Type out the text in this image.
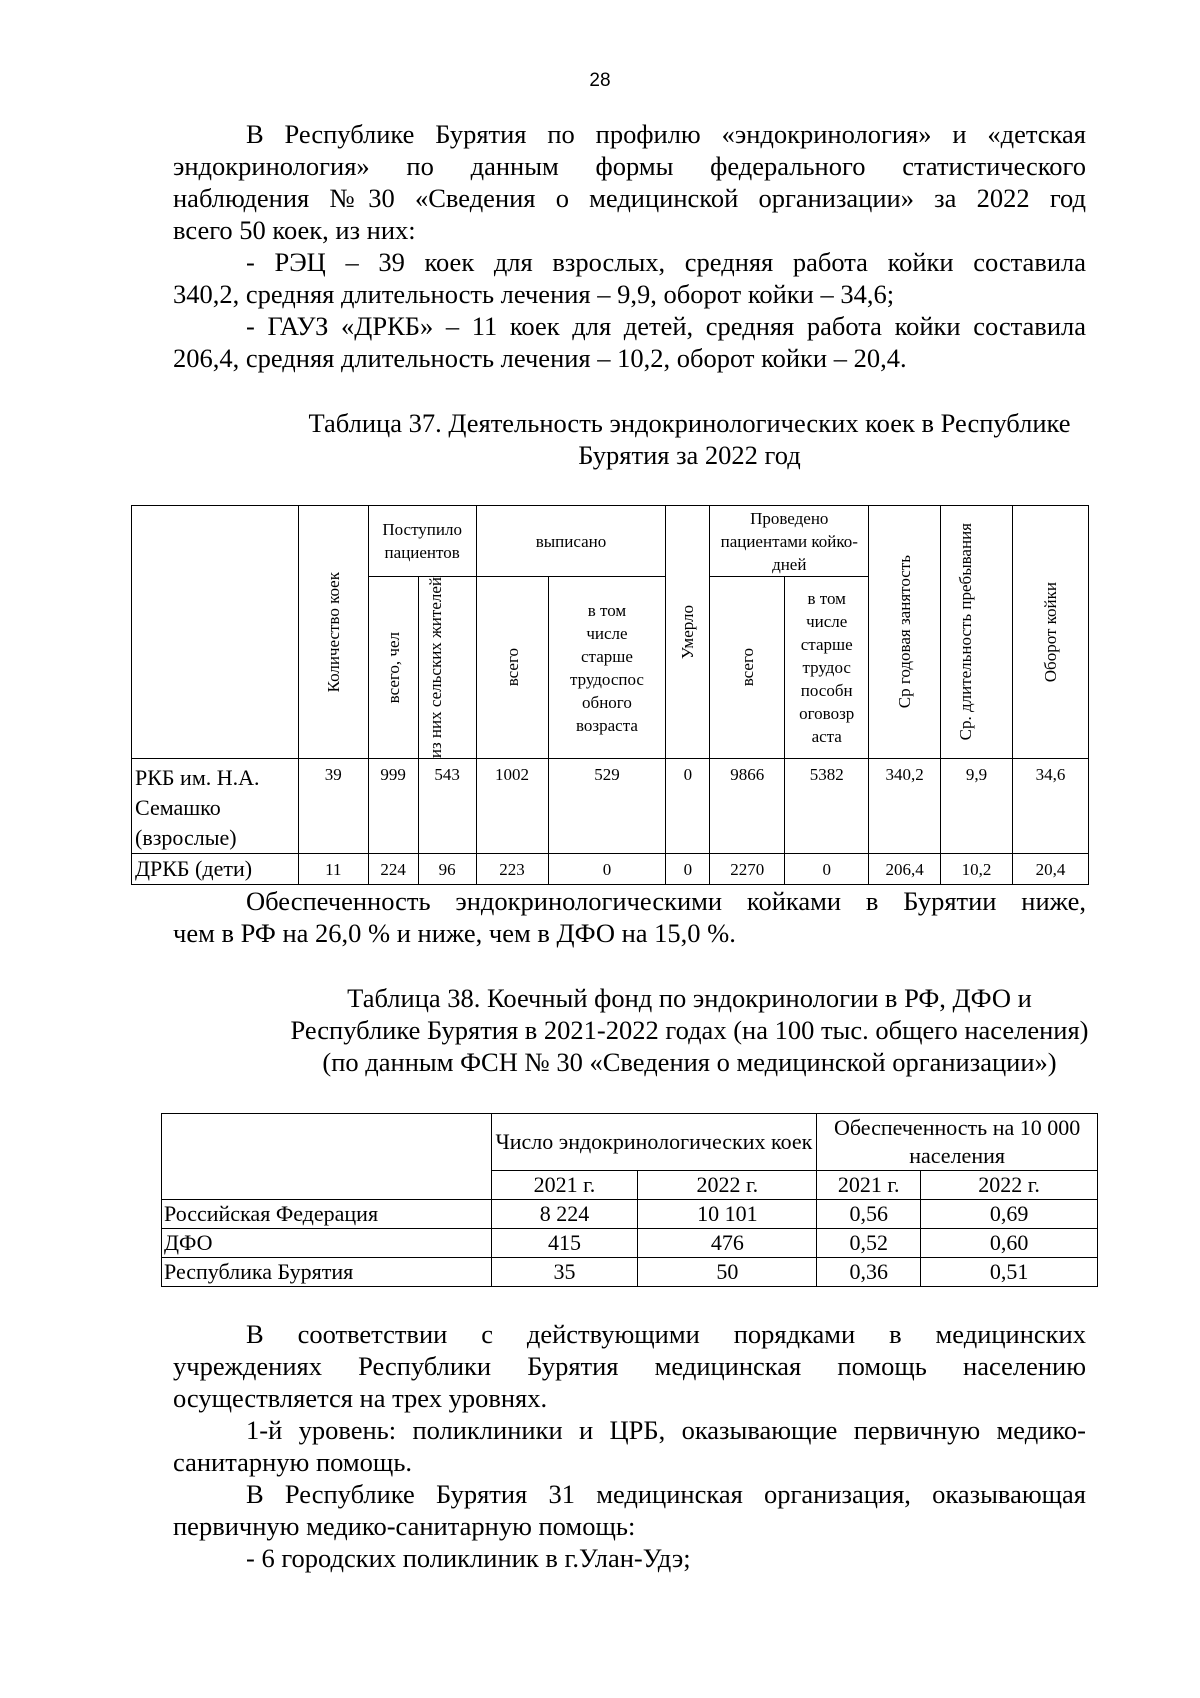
28
В Республике Бурятия по профилю «эндокринология» и «детская
эндокринология» по данным формы федерального статистического
наблюдения №30 «Сведения о медицинской организации» за 2022 год
всего 50 коек, из них:
- РЭЦ – 39 коек для взрослых, средняя работа койки составила
340,2, средняя длительность лечения – 9,9, оборот койки – 34,6;
- ГАУЗ «ДРКБ» – 11 коек для детей, средняя работа койки составила
206,4, средняя длительность лечения – 10,2, оборот койки – 20,4.
Таблица 37. Деятельность эндокринологических коек в Республике
Бурятия за 2022 год

	Количество коек	Поступило пациентов		выписано		Умерло	Проведено пациентами койко-дней		Ср годовая занятость	Ср. длительность пребывания	Оборот койки

		всего, чел	из них сельских жителей	всего	в том числе старше трудоспос обного возраста		всего	в том числе старше трудос пособн оговозр аста			

РКБ им. Н.А. Семашко (взрослые)	39	999	543	1002	529	0	9866	5382	340,2	9,9	34,6
ДРКБ (дети)	11	224	96	223	0	0	2270	0	206,4	10,2	20,4
Обеспеченность эндокринологическими койками в Бурятии ниже,
чем в РФ на 26,0 % и ниже, чем в ДФО на 15,0 %.
Таблица 38. Коечный фонд по эндокринологии в РФ, ДФО и
Республике Бурятия в 2021-2022 годах (на 100 тыс. общего населения)
(по данным ФСН № 30 «Сведения о медицинской организации»)
	Число эндокринологических коек		Обеспеченность на 10 000 населения	
	2021 г.	2022 г.	2021 г.	2022 г.
Российская Федерация	8 224	10 101	0,56	0,69
ДФО	415	476	0,52	0,60
Республика Бурятия	35	50	0,36	0,51
В соответствии с действующими порядками в медицинских
учреждениях Республики Бурятия медицинская помощь населению
осуществляется на трех уровнях.
1-й уровень: поликлиники и ЦРБ, оказывающие первичную медико-
санитарную помощь.
В Республике Бурятия 31 медицинская организация, оказывающая
первичную медико-санитарную помощь:
- 6 городских поликлиник в г.Улан-Удэ;
